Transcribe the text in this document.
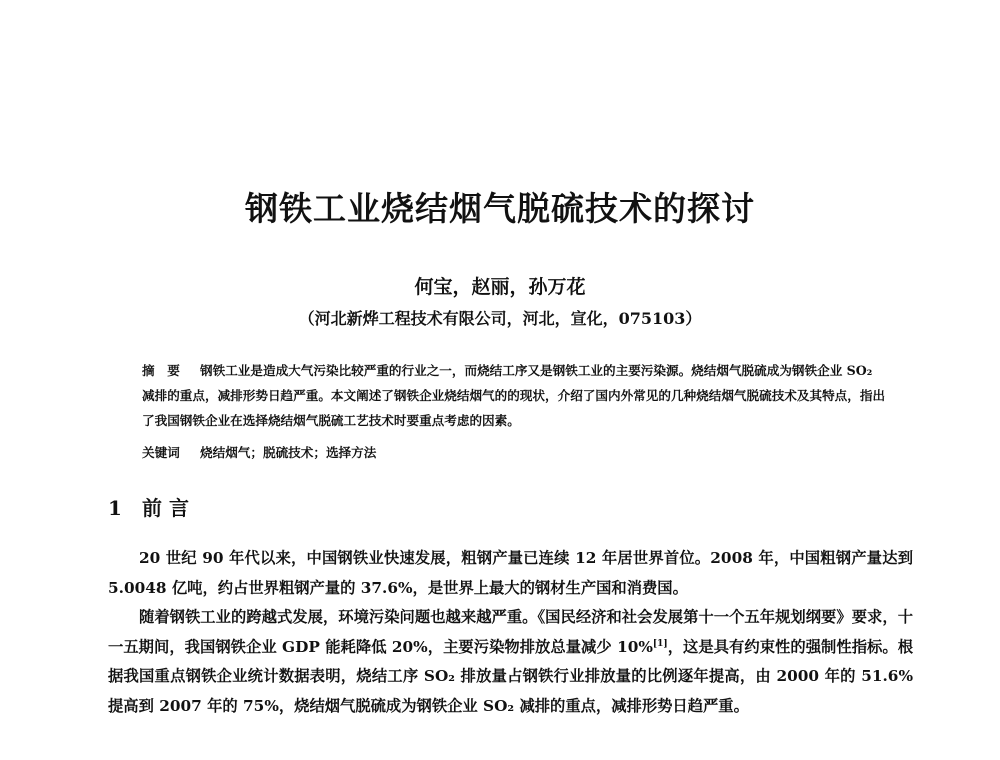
钢铁工业烧结烟气脱硫技术的探讨
何宝，赵丽，孙万花
（河北新烨工程技术有限公司，河北，宣化，075103）
摘　要 钢铁工业是造成大气污染比较严重的行业之一，而烧结工序又是钢铁工业的主要污染源。烧结烟气脱硫成为钢铁企业 SO₂ 减排的重点，减排形势日趋严重。本文阐述了钢铁企业烧结烟气的的现状，介绍了国内外常见的几种烧结烟气脱硫技术及其特点，指出了我国钢铁企业在选择烧结烟气脱硫工艺技术时要重点考虑的因素。
关键词 烧结烟气；脱硫技术；选择方法
1 前 言

20 世纪 90 年代以来，中国钢铁业快速发展，粗钢产量已连续 12 年居世界首位。2008 年，中国粗钢产量达到 5.0048 亿吨，约占世界粗钢产量的 37.6%，是世界上最大的钢材生产国和消费国。

随着钢铁工业的跨越式发展，环境污染问题也越来越严重。《国民经济和社会发展第十一个五年规划纲要》要求，十一五期间，我国钢铁企业 GDP 能耗降低 20%，主要污染物排放总量减少 10%[1]，这是具有约束性的强制性指标。根据我国重点钢铁企业统计数据表明，烧结工序 SO₂ 排放量占钢铁行业排放量的比例逐年提高，由 2000 年的 51.6%提高到 2007 年的 75%，烧结烟气脱硫成为钢铁企业 SO₂ 减排的重点，减排形势日趋严重。
